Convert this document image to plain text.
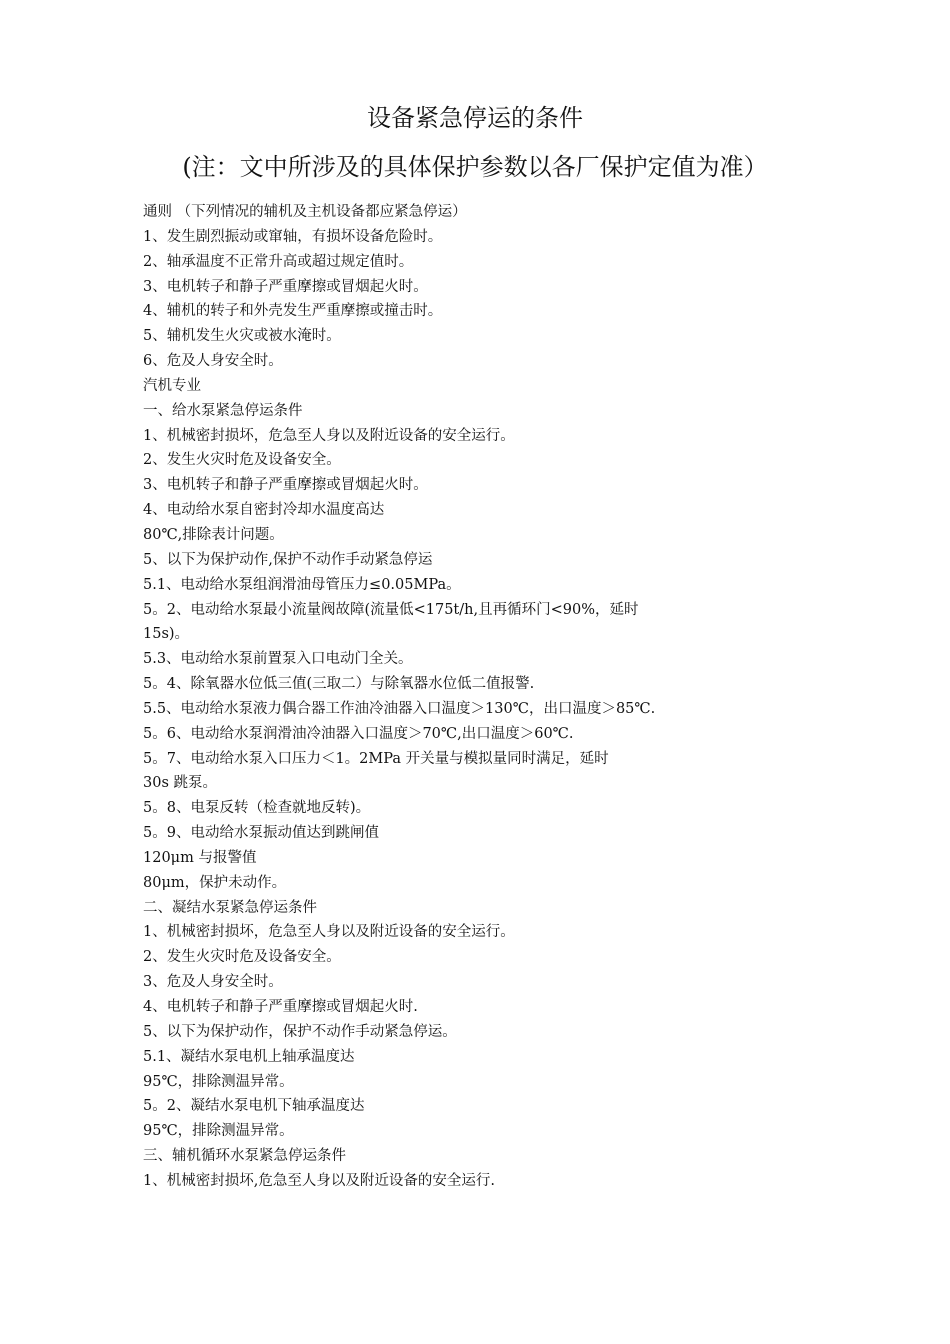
设备紧急停运的条件
(注：文中所涉及的具体保护参数以各厂保护定值为准）
通则 （下列情况的辅机及主机设备都应紧急停运）
1、发生剧烈振动或窜轴，有损坏设备危险时。
2、轴承温度不正常升高或超过规定值时。
3、电机转子和静子严重摩擦或冒烟起火时。
4、辅机的转子和外壳发生严重摩擦或撞击时。
5、辅机发生火灾或被水淹时。
6、危及人身安全时。
汽机专业
一、给水泵紧急停运条件
1、机械密封损坏，危急至人身以及附近设备的安全运行。
2、发生火灾时危及设备安全。
3、电机转子和静子严重摩擦或冒烟起火时。
4、电动给水泵自密封冷却水温度高达
80℃,排除表计问题。
5、以下为保护动作,保护不动作手动紧急停运
5.1、电动给水泵组润滑油母管压力≤0.05MPa。
5。2、电动给水泵最小流量阀故障(流量低<175t/h,且再循环门<90%，延时
15s)。
5.3、电动给水泵前置泵入口电动门全关。
5。4、除氧器水位低三值(三取二）与除氧器水位低二值报警.
5.5、电动给水泵液力偶合器工作油冷油器入口温度＞130℃，出口温度＞85℃.
5。6、电动给水泵润滑油冷油器入口温度＞70℃,出口温度＞60℃.
5。7、电动给水泵入口压力＜1。2MPa 开关量与模拟量同时满足，延时
30s 跳泵。
5。8、电泵反转（检查就地反转)。
5。9、电动给水泵振动值达到跳闸值
120μm 与报警值
80μm，保护未动作。
二、凝结水泵紧急停运条件
1、机械密封损坏，危急至人身以及附近设备的安全运行。
2、发生火灾时危及设备安全。
3、危及人身安全时。
4、电机转子和静子严重摩擦或冒烟起火时.
5、以下为保护动作，保护不动作手动紧急停运。
5.1、凝结水泵电机上轴承温度达
95℃，排除测温异常。
5。2、凝结水泵电机下轴承温度达
95℃，排除测温异常。
三、辅机循环水泵紧急停运条件
1、机械密封损坏,危急至人身以及附近设备的安全运行.
